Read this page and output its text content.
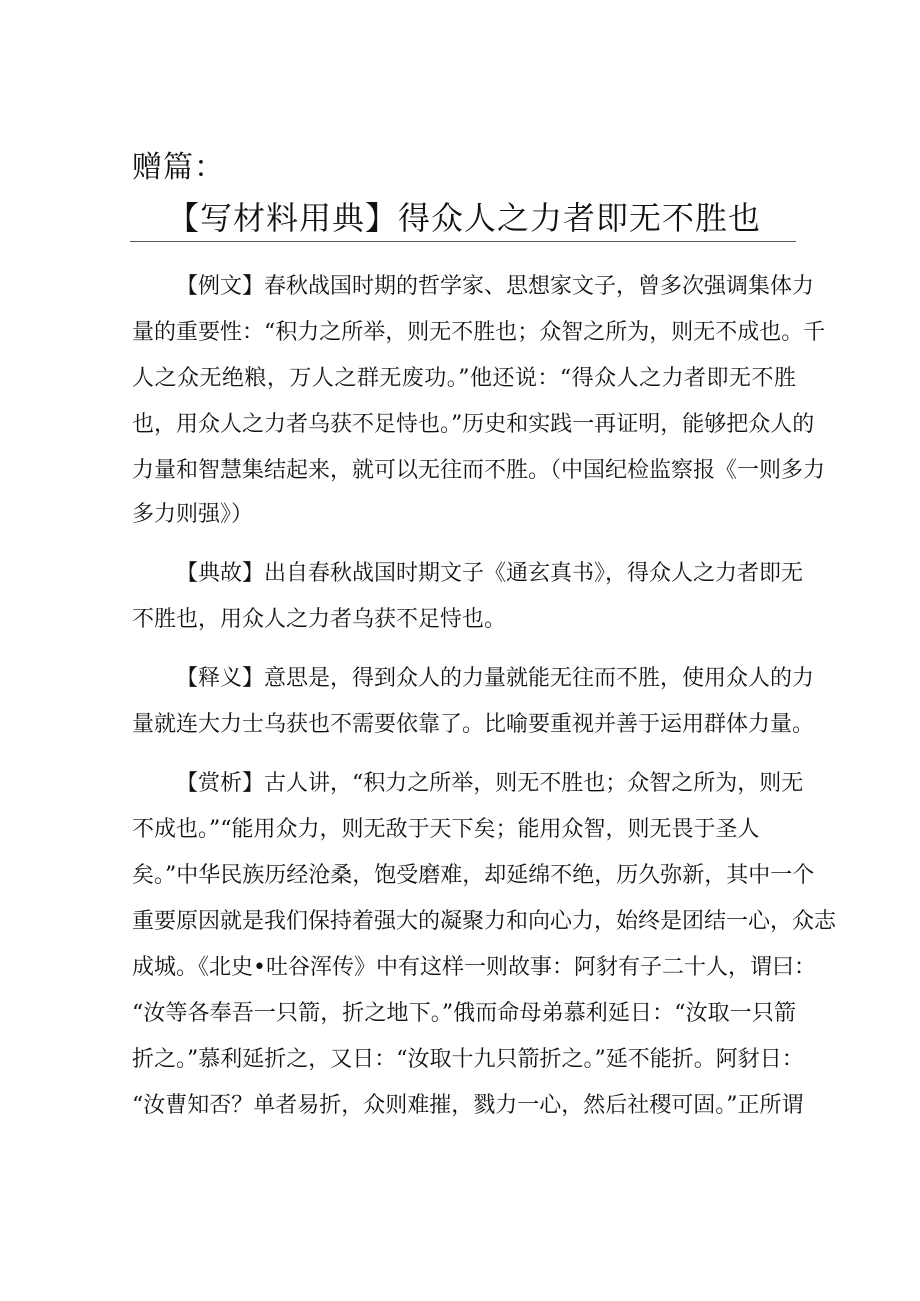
赠篇：
【写材料用典】得众人之力者即无不胜也
【例文】春秋战国时期的哲学家、思想家文子，曾多次强调集体力
量的重要性：“积力之所举，则无不胜也；众智之所为，则无不成也。千
人之众无绝粮，万人之群无废功。”他还说：“得众人之力者即无不胜
也，用众人之力者乌获不足恃也。”历史和实践一再证明，能够把众人的
力量和智慧集结起来，就可以无往而不胜。（中国纪检监察报《一则多力
多力则强》）
【典故】出自春秋战国时期文子《通玄真书》，得众人之力者即无
不胜也，用众人之力者乌获不足恃也。
【释义】意思是，得到众人的力量就能无往而不胜，使用众人的力
量就连大力士乌获也不需要依靠了。比喻要重视并善于运用群体力量。
【赏析】古人讲，“积力之所举，则无不胜也；众智之所为，则无
不成也。”“能用众力，则无敌于天下矣；能用众智，则无畏于圣人
矣。”中华民族历经沧桑，饱受磨难，却延绵不绝，历久弥新，其中一个
重要原因就是我们保持着强大的凝聚力和向心力，始终是团结一心，众志
成城。《北史•吐谷浑传》中有这样一则故事：阿豺有子二十人，谓曰：
“汝等各奉吾一只箭，折之地下。”俄而命母弟慕利延日：“汝取一只箭
折之。”慕利延折之，又日：“汝取十九只箭折之。”延不能折。阿豺日：
“汝曹知否？单者易折，众则难摧，戮力一心，然后社稷可固。”正所谓
